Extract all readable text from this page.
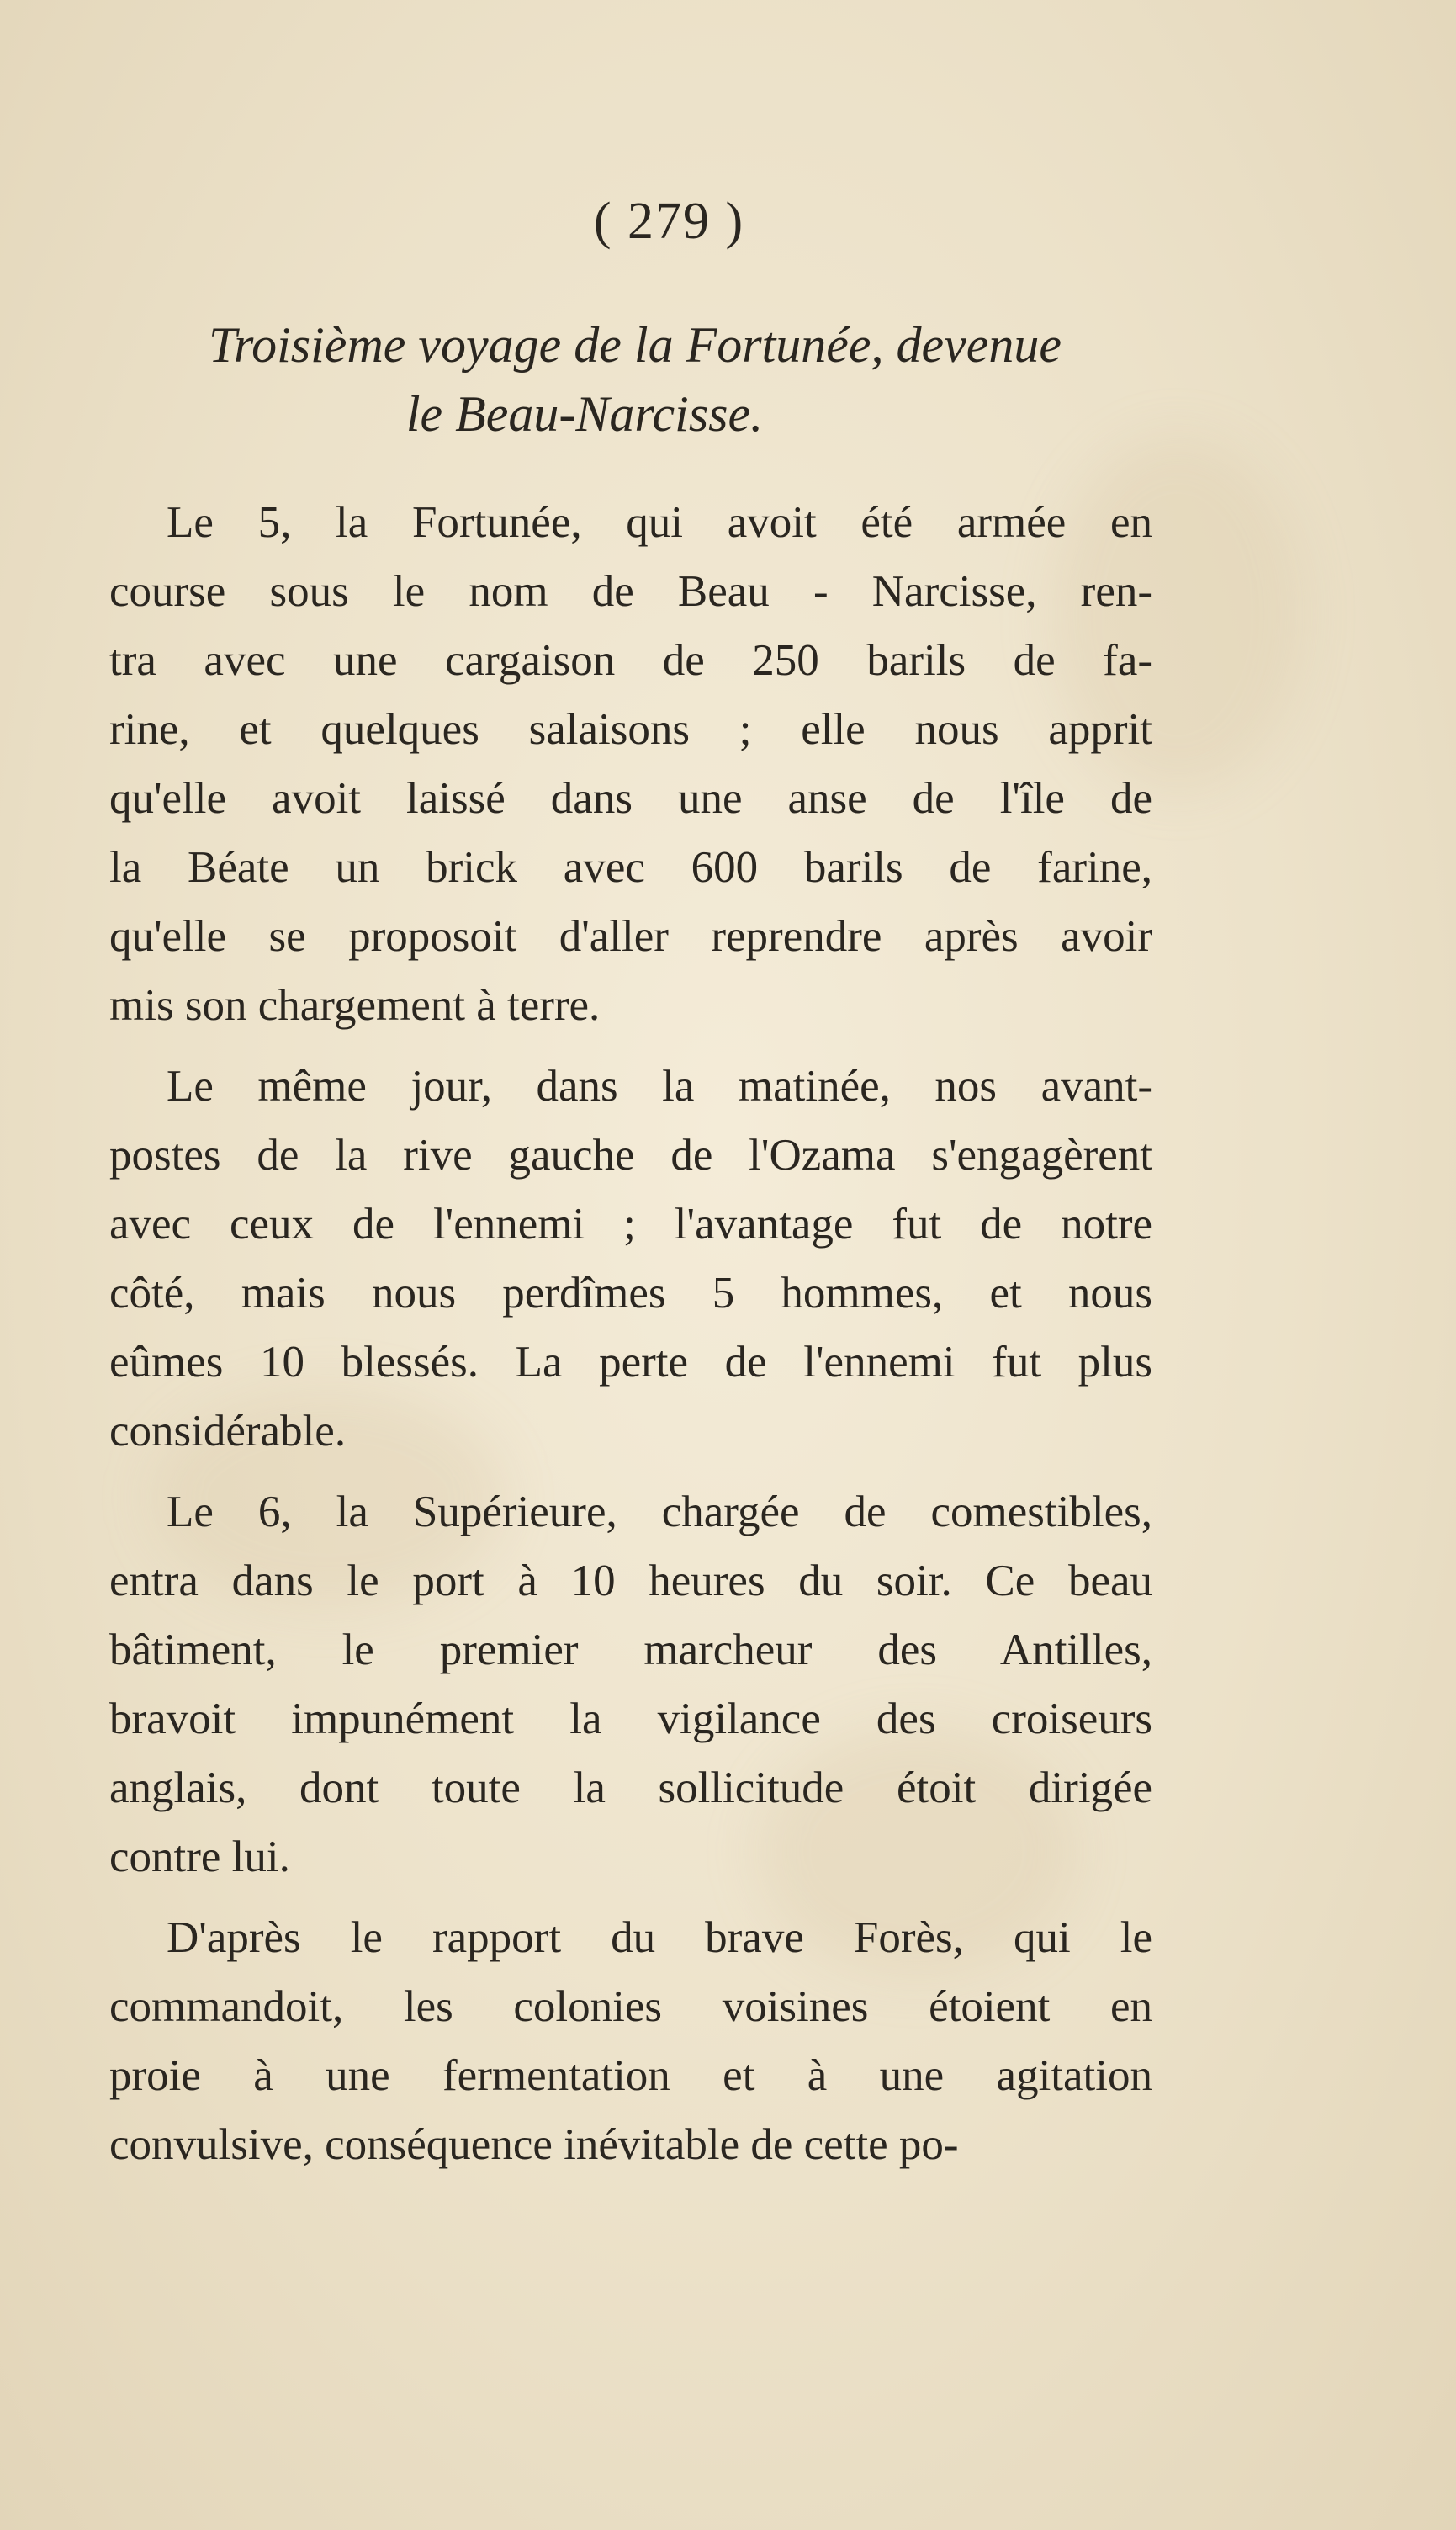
( 279 )
Troisième voyage de la Fortunée, devenue
le Beau-Narcisse.
Le 5, la Fortunée, qui avoit été armée en
course sous le nom de Beau - Narcisse, ren-
tra avec une cargaison de 250 barils de fa-
rine, et quelques salaisons ; elle nous apprit
qu'elle avoit laissé dans une anse de l'île de
la Béate un brick avec 600 barils de farine,
qu'elle se proposoit d'aller reprendre après avoir
mis son chargement à terre.
Le même jour, dans la matinée, nos avant-
postes de la rive gauche de l'Ozama s'engagèrent
avec ceux de l'ennemi ; l'avantage fut de notre
côté, mais nous perdîmes 5 hommes, et nous
eûmes 10 blessés. La perte de l'ennemi fut plus
considérable.
Le 6, la Supérieure, chargée de comestibles,
entra dans le port à 10 heures du soir. Ce beau
bâtiment, le premier marcheur des Antilles,
bravoit impunément la vigilance des croiseurs
anglais, dont toute la sollicitude étoit dirigée
contre lui.
D'après le rapport du brave Forès, qui le
commandoit, les colonies voisines étoient en
proie à une fermentation et à une agitation
convulsive, conséquence inévitable de cette po-
